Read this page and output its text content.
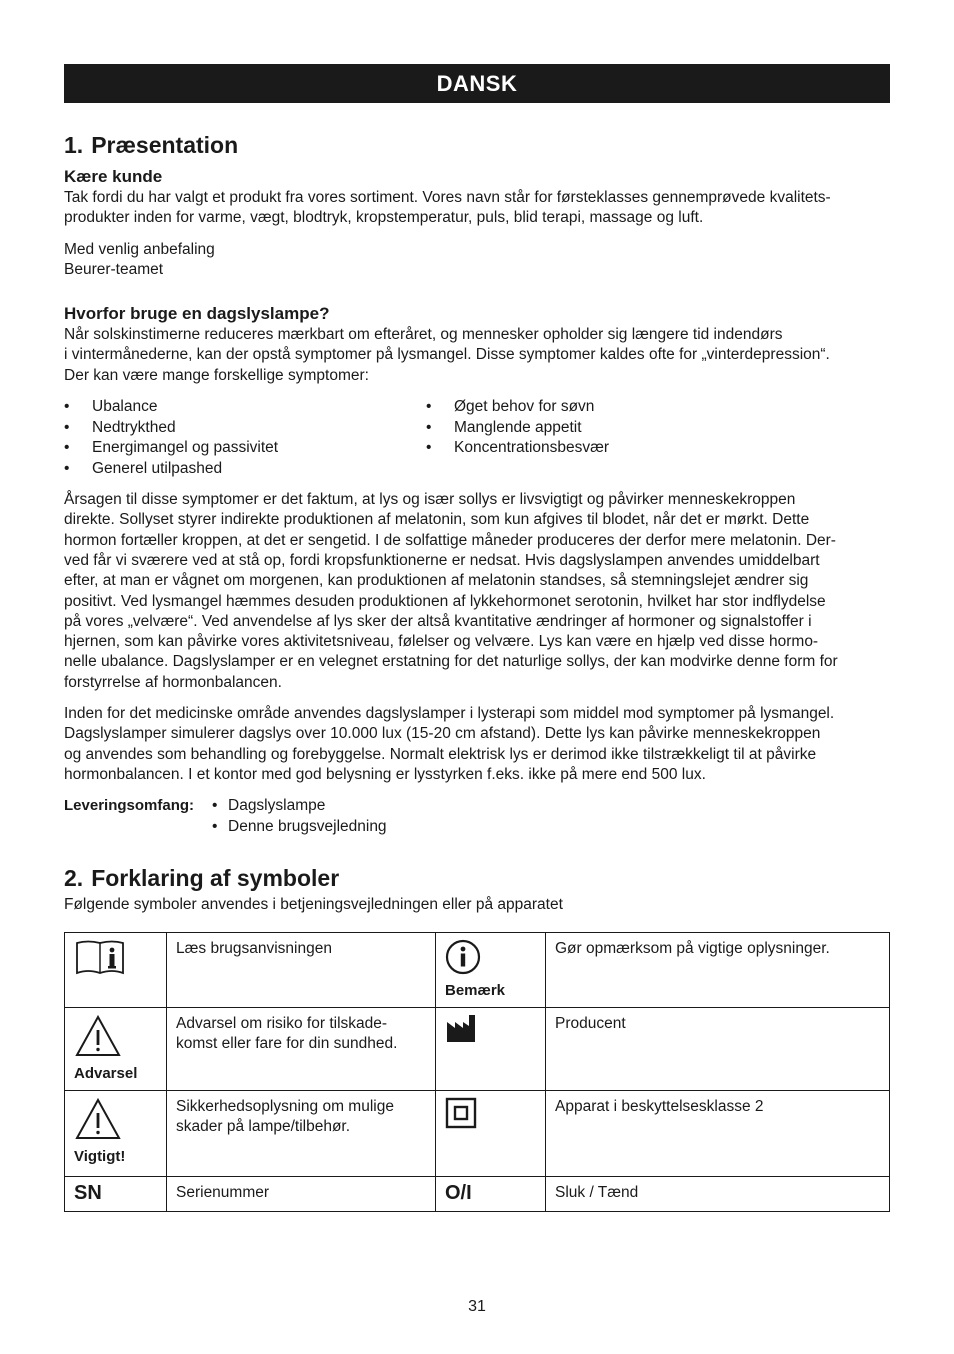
DANSK
1. Præsentation
Kære kunde

Tak fordi du har valgt et produkt fra vores sortiment. Vores navn står for førsteklasses gennemprøvede kvalitets-
produkter inden for varme, vægt, blodtryk, kropstemperatur, puls, blid terapi, massage og luft.

Med venlig anbefaling
Beurer-teamet

Hvorfor bruge en dagslyslampe?

Når solskinstimerne reduceres mærkbart om efteråret, og mennesker opholder sig længere tid indendørs
i vintermånederne, kan der opstå symptomer på lysmangel. Disse symptomer kaldes ofte for „vinterdepression“.
Der kan være mange forskellige symptomer:

• Ubalance
• Nedtrykthed
• Energimangel og passivitet
• Generel utilpashed
• Øget behov for søvn
• Manglende appetit
• Koncentrationsbesvær

Årsagen til disse symptomer er det faktum, at lys og især sollys er livsvigtigt og påvirker menneskekroppen
direkte. Sollyset styrer indirekte produktionen af melatonin, som kun afgives til blodet, når det er mørkt. Dette
hormon fortæller kroppen, at det er sengetid. I de solfattige måneder produceres der derfor mere melatonin. Der-
ved får vi sværere ved at stå op, fordi kropsfunktionerne er nedsat. Hvis dagslyslampen anvendes umiddelbart
efter, at man er vågnet om morgenen, kan produktionen af melatonin standses, så stemningslejet ændrer sig
positivt. Ved lysmangel hæmmes desuden produktionen af lykkehormonet serotonin, hvilket har stor indflydelse
på vores „velvære“. Ved anvendelse af lys sker der altså kvantitative ændringer af hormoner og signalstoffer i
hjernen, som kan påvirke vores aktivitetsniveau, følelser og velvære. Lys kan være en hjælp ved disse hormo-
nelle ubalance. Dagslyslamper er en velegnet erstatning for det naturlige sollys, der kan modvirke denne form for
forstyrrelse af hormonbalancen.

Inden for det medicinske område anvendes dagslyslamper i lysterapi som middel mod symptomer på lysmangel.
Dagslyslamper simulerer dagslys over 10.000 lux (15-20 cm afstand). Dette lys kan påvirke menneskekroppen
og anvendes som behandling og forebyggelse. Normalt elektrisk lys er derimod ikke tilstrækkeligt til at påvirke
hormonbalancen. I et kontor med god belysning er lysstyrken f.eks. ikke på mere end 500 lux.

Leveringsomfang:	• Dagslyslampe
• Denne brugsvejledning
2. Forklaring af symboler

Følgende symboler anvendes i betjeningsvejledningen eller på apparatet

	Læs brugsanvisningen	Bemærk	Gør opmærksom på vigtige oplysninger.

Advarsel	Advarsel om risiko for tilskade-
komst eller fare for din sundhed.		Producent

Vigtigt!	Sikkerhedsoplysning om mulige
skader på lampe/tilbehør.		Apparat i beskyttelsesklasse 2
SN	Serienummer	O/I	Sluk / Tænd
31
